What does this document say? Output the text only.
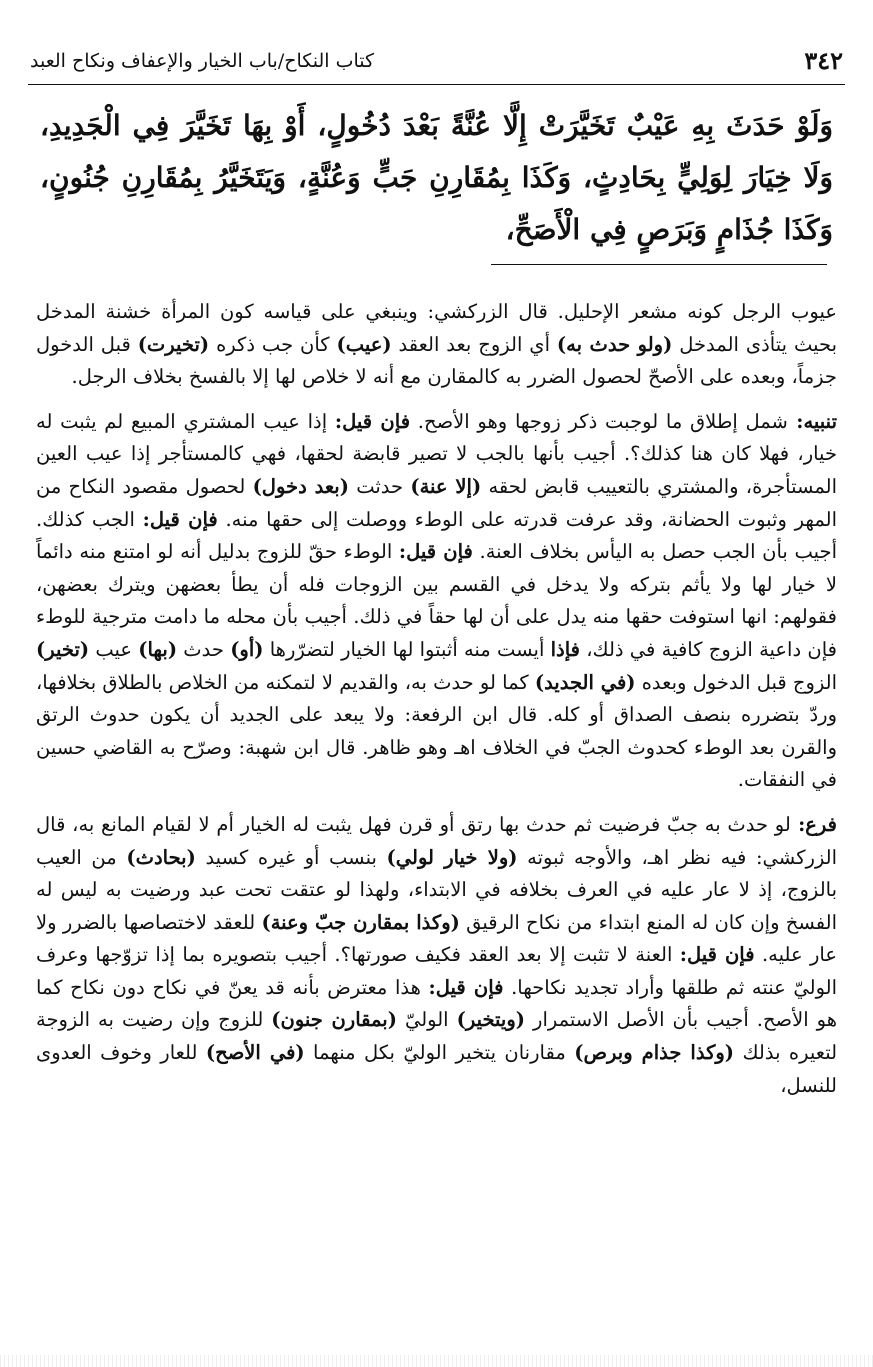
٣٤٢
كتاب النكاح/باب الخيار والإعفاف ونكاح العبد

وَلَوْ حَدَثَ بِهِ عَيْبٌ تَخَيَّرَتْ إِلَّا عُنَّةً بَعْدَ دُخُولٍ، أَوْ بِهَا تَخَيَّرَ فِي الْجَدِيدِ، وَلَا خِيَارَ لِوَلِيٍّ بِحَادِثٍ، وَكَذَا بِمُقَارِنِ جَبٍّ وَعُنَّةٍ، وَيَتَخَيَّرُ بِمُقَارِنِ جُنُونٍ، وَكَذَا جُذَامٍ وَبَرَصٍ فِي الْأَصَحِّ،

عيوب الرجل كونه مشعر الإحليل. قال الزركشي: وينبغي على قياسه كون المرأة خشنة المدخل بحيث يتأذى المدخل (ولو حدث به) أي الزوج بعد العقد (عيب) كأن جب ذكره (تخيرت) قبل الدخول جزماً، وبعده على الأصحّ لحصول الضرر به كالمقارن مع أنه لا خلاص لها إلا بالفسخ بخلاف الرجل.

تنبيه: شمل إطلاق ما لوجبت ذكر زوجها وهو الأصح. فإن قيل: إذا عيب المشتري المبيع لم يثبت له خيار، فهلا كان هنا كذلك؟. أجيب بأنها بالجب لا تصير قابضة لحقها، فهي كالمستأجر إذا عيب العين المستأجرة، والمشتري بالتعييب قابض لحقه (إلا عنة) حدثت (بعد دخول) لحصول مقصود النكاح من المهر وثبوت الحضانة، وقد عرفت قدرته على الوطء ووصلت إلى حقها منه. فإن قيل: الجب كذلك. أجيب بأن الجب حصل به اليأس بخلاف العنة. فإن قيل: الوطء حقّ للزوج بدليل أنه لو امتنع منه دائماً لا خيار لها ولا يأثم بتركه ولا يدخل في القسم بين الزوجات فله أن يطأ بعضهن ويترك بعضهن، فقولهم: انها استوفت حقها منه يدل على أن لها حقاً في ذلك. أجيب بأن محله ما دامت مترجية للوطء فإن داعية الزوج كافية في ذلك، فإذا أيست منه أثبتوا لها الخيار لتضرّرها (أو) حدث (بها) عيب (تخير) الزوج قبل الدخول وبعده (في الجديد) كما لو حدث به، والقديم لا لتمكنه من الخلاص بالطلاق بخلافها، وردّ بتضرره بنصف الصداق أو كله. قال ابن الرفعة: ولا يبعد على الجديد أن يكون حدوث الرتق والقرن بعد الوطء كحدوث الجبّ في الخلاف اهـ وهو ظاهر. قال ابن شهبة: وصرّح به القاضي حسين في النفقات.

فرع: لو حدث به جبّ فرضيت ثم حدث بها رتق أو قرن فهل يثبت له الخيار أم لا لقيام المانع به، قال الزركشي: فيه نظر اهـ، والأوجه ثبوته (ولا خيار لولي) بنسب أو غيره كسيد (بحادث) من العيب بالزوج، إذ لا عار عليه في العرف بخلافه في الابتداء، ولهذا لو عتقت تحت عبد ورضيت به ليس له الفسخ وإن كان له المنع ابتداء من نكاح الرقيق (وكذا بمقارن جبّ وعنة) للعقد لاختصاصها بالضرر ولا عار عليه. فإن قيل: العنة لا تثبت إلا بعد العقد فكيف صورتها؟. أجيب بتصويره بما إذا تزوّجها وعرف الوليّ عنته ثم طلقها وأراد تجديد نكاحها. فإن قيل: هذا معترض بأنه قد يعنّ في نكاح دون نكاح كما هو الأصح. أجيب بأن الأصل الاستمرار (ويتخير) الوليّ (بمقارن جنون) للزوج وإن رضيت به الزوجة لتعيره بذلك (وكذا جذام وبرص) مقارنان يتخير الوليّ بكل منهما (في الأصح) للعار وخوف العدوى للنسل،
